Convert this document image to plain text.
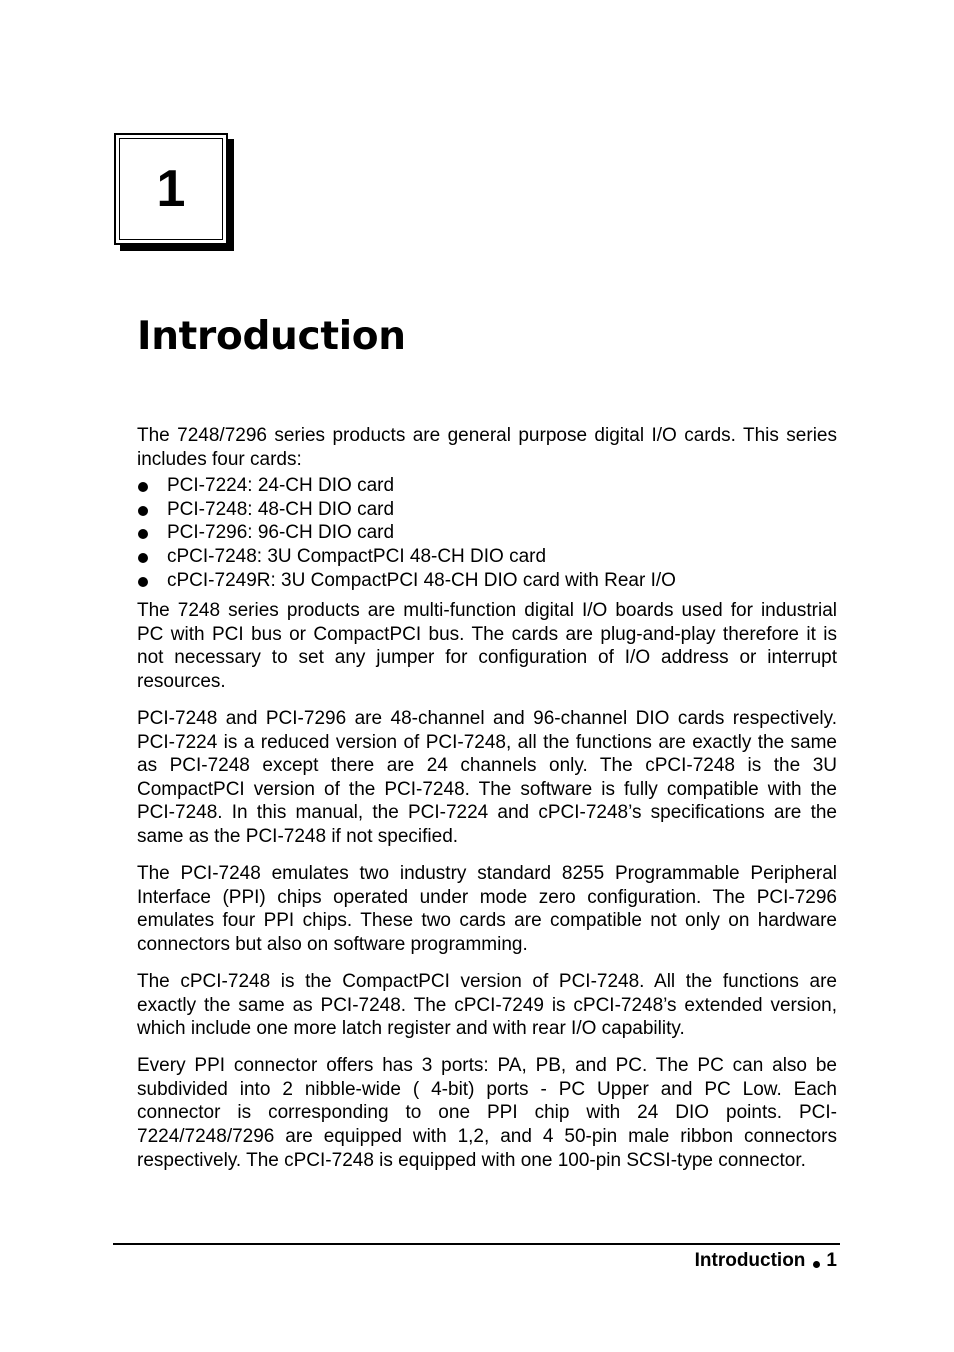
1
Introduction

The 7248/7296 series products are general purpose digital I/O cards. This series includes four cards:

PCI-7224: 24-CH DIO card
PCI-7248: 48-CH DIO card
PCI-7296: 96-CH DIO card
cPCI-7248: 3U CompactPCI 48-CH DIO card
cPCI-7249R: 3U CompactPCI 48-CH DIO card with Rear I/O

The 7248 series products are multi-function digital I/O boards used for industrial PC with PCI bus or CompactPCI bus. The cards are plug-and-play therefore it is not necessary to set any jumper for configuration of I/O address or interrupt resources.

PCI-7248 and PCI-7296 are 48-channel and 96-channel DIO cards respectively. PCI-7224 is a reduced version of PCI-7248, all the functions are exactly the same as PCI-7248 except there are 24 channels only. The cPCI-7248 is the 3U CompactPCI version of the PCI-7248. The software is fully compatible with the PCI-7248. In this manual, the PCI-7224 and cPCI-7248’s specifications are the same as the PCI-7248 if not specified.

The PCI-7248 emulates two industry standard 8255 Programmable Peripheral Interface (PPI) chips operated under mode zero configuration. The PCI-7296 emulates four PPI chips. These two cards are compatible not only on hardware connectors but also on software programming.

The cPCI-7248 is the CompactPCI version of PCI-7248. All the functions are exactly the same as PCI-7248. The cPCI-7249 is cPCI-7248’s extended version, which include one more latch register and with rear I/O capability.

Every PPI connector offers has 3 ports: PA, PB, and PC. The PC can also be subdivided into 2 nibble-wide ( 4-bit) ports - PC Upper and PC Low. Each connector is corresponding to one PPI chip with 24 DIO points. PCI-7224/7248/7296 are equipped with 1,2, and 4 50-pin male ribbon connectors respectively. The cPCI-7248 is equipped with one 100-pin SCSI-type connector.

Introduction 1
